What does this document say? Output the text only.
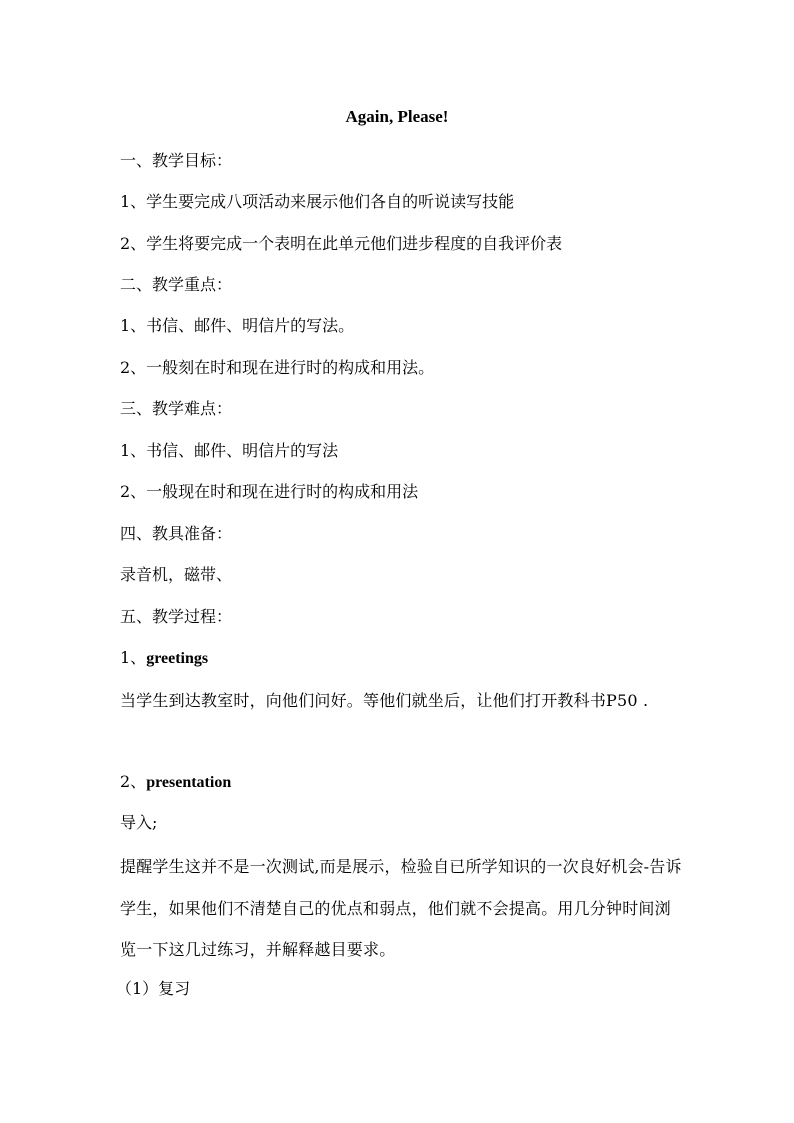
Again, Please!
一、教学目标：
1、学生要完成八项活动来展示他们各自的听说读写技能
2、学生将要完成一个表明在此单元他们进步程度的自我评价表
二、教学重点：
1、书信、邮件、明信片的写法。
2、一般刻在时和现在进行时的构成和用法。
三、教学难点：
1、书信、邮件、明信片的写法
2、一般现在时和现在进行时的构成和用法
四、教具准备：
录音机，磁带、
五、教学过程：
1、greetings
当学生到达教室时，向他们问好。等他们就坐后，让他们打开教科书P50 .
2、presentation
导入;
提醒学生这并不是一次测试,而是展示，检验自已所学知识的一次良好机会-告诉学生，如果他们不清楚自己的优点和弱点，他们就不会提高。用几分钟时间浏览一下这几过练习，并解释越目要求。
（1）复习
